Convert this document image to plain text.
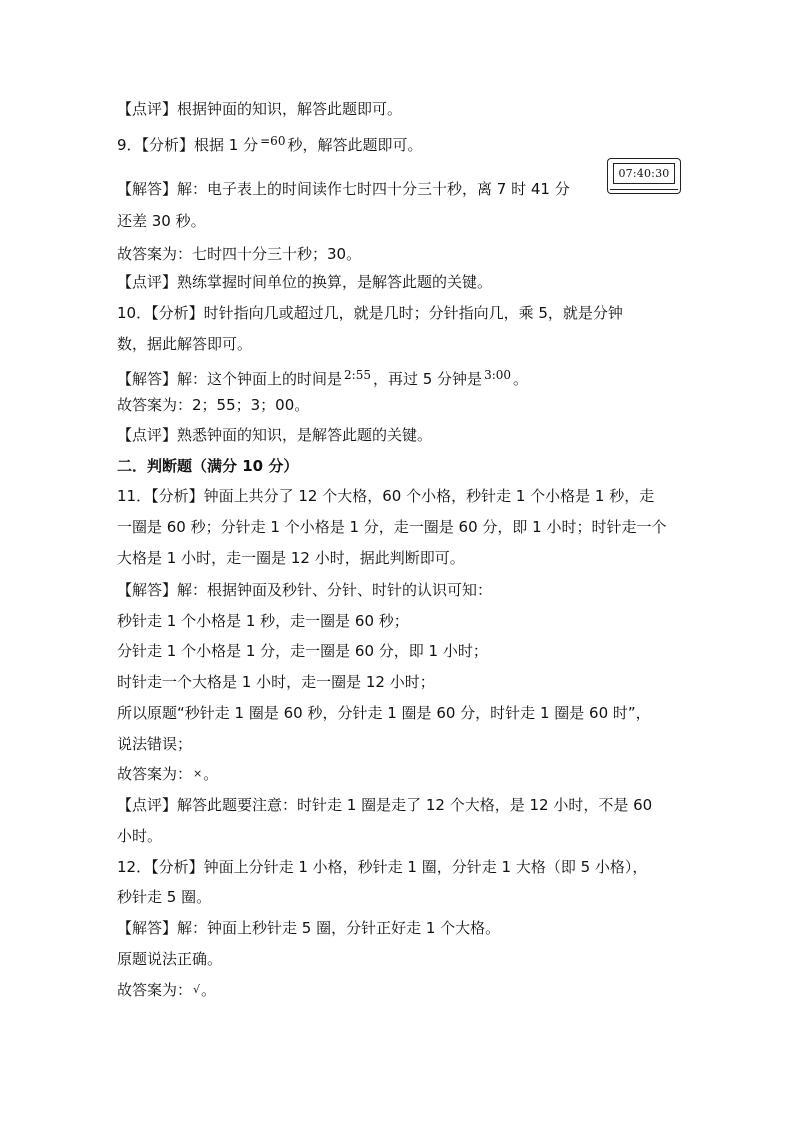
【点评】根据钟面的知识，解答此题即可。
9．【分析】根据 1 分 $^{=60}$ 秒，解答此题即可。
【解答】解：电子表上的时间读作七时四十分三十秒，离 7 时 41 分
07:40:30
还差 30 秒。
故答案为：七时四十分三十秒；30。
【点评】熟练掌握时间单位的换算，是解答此题的关键。
10．【分析】时针指向几或超过几，就是几时；分针指向几，乘 5，就是分钟
数，据此解答即可。
【解答】解：这个钟面上的时间是 $^{2:55}$ ，再过 5 分钟是 $^{3:00}$ 。
故答案为：2；55；3；00。
【点评】熟悉钟面的知识，是解答此题的关键。
二．判断题（满分 10 分）
11．【分析】钟面上共分了 12 个大格，60 个小格，秒针走 1 个小格是 1 秒，走
一圈是 60 秒；分针走 1 个小格是 1 分，走一圈是 60 分，即 1 小时；时针走一个
大格是 1 小时，走一圈是 12 小时，据此判断即可。
【解答】解：根据钟面及秒针、分针、时针的认识可知：
秒针走 1 个小格是 1 秒，走一圈是 60 秒；
分针走 1 个小格是 1 分，走一圈是 60 分，即 1 小时；
时针走一个大格是 1 小时，走一圈是 12 小时；
所以原题“秒针走 1 圈是 60 秒，分针走 1 圈是 60 分，时针走 1 圈是 60 时”，
说法错误；
故答案为：×。
【点评】解答此题要注意：时针走 1 圈是走了 12 个大格，是 12 小时，不是 60
小时。
12．【分析】钟面上分针走 1 小格，秒针走 1 圈，分针走 1 大格（即 5 小格），
秒针走 5 圈。
【解答】解：钟面上秒针走 5 圈，分针正好走 1 个大格。
原题说法正确。
故答案为：√。
